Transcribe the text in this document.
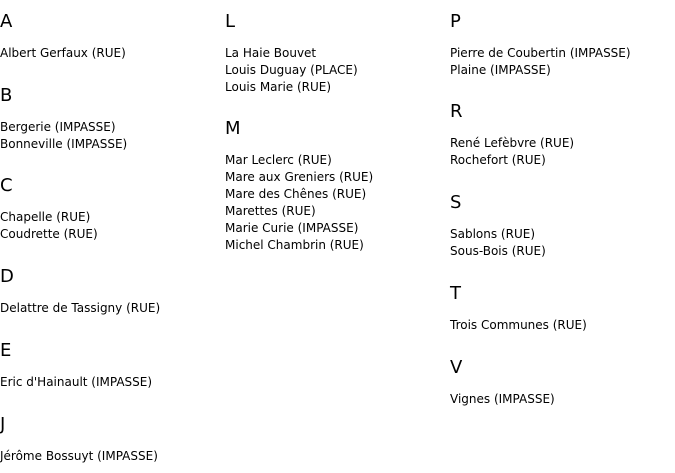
A
Albert Gerfaux (RUE)
B
Bergerie (IMPASSE)
Bonneville (IMPASSE)
C
Chapelle (RUE)
Coudrette (RUE)
D
Delattre de Tassigny (RUE)
E
Eric d'Hainault (IMPASSE)
J
Jérôme Bossuyt (IMPASSE)
L
La Haie Bouvet
Louis Duguay (PLACE)
Louis Marie (RUE)
M
Mar Leclerc (RUE)
Mare aux Greniers (RUE)
Mare des Chênes (RUE)
Marettes (RUE)
Marie Curie (IMPASSE)
Michel Chambrin (RUE)
P
Pierre de Coubertin (IMPASSE)
Plaine (IMPASSE)
R
René Lefèbvre (RUE)
Rochefort (RUE)
S
Sablons (RUE)
Sous-Bois (RUE)
T
Trois Communes (RUE)
V
Vignes (IMPASSE)
